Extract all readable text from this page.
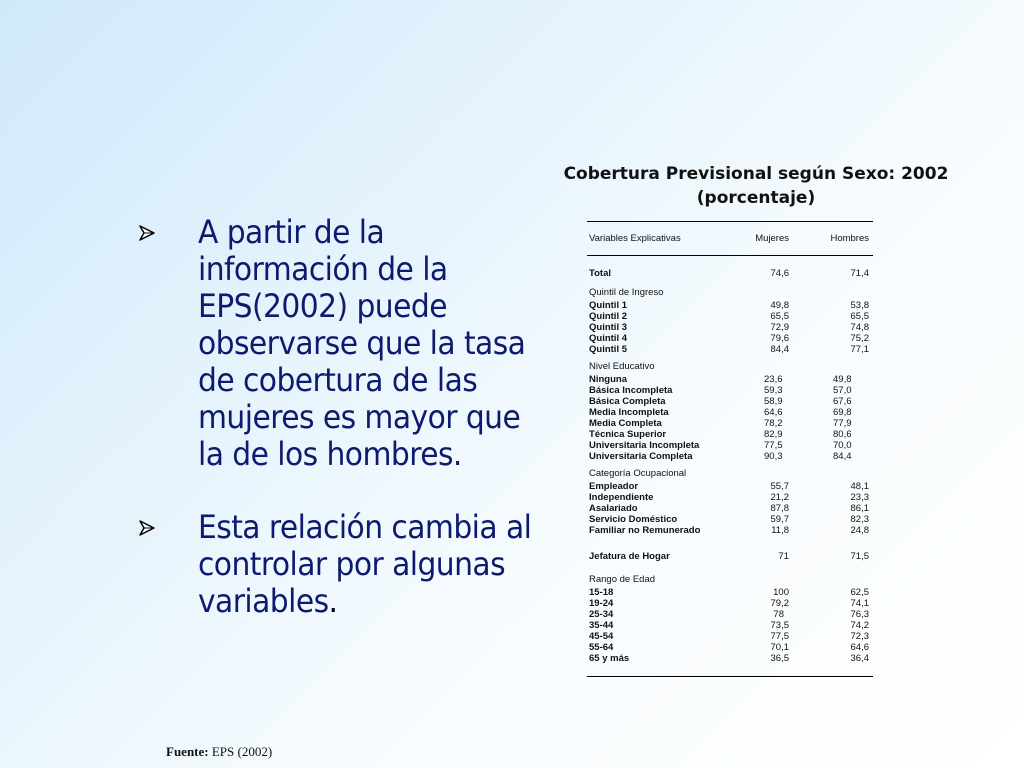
A partir de la información de la EPS(2002) puede observarse que la tasa de cobertura de las mujeres es mayor que la de los hombres.
Esta relación cambia al controlar por algunas variables.
Cobertura Previsional según Sexo: 2002
(porcentaje)
Variables Explicativas	Mujeres	Hombres
Total	74,6	71,4
Quintil de Ingreso
Quintil 1	49,8	53,8
Quintil 2	65,5	65,5
Quintil 3	72,9	74,8
Quintil 4	79,6	75,2
Quintil 5	84,4	77,1
Nivel Educativo
Ninguna	23,6	49,8
Básica Incompleta	59,3	57,0
Básica Completa	58,9	67,6
Media Incompleta	64,6	69,8
Media Completa	78,2	77,9
Técnica Superior	82,9	80,6
Universitaria Incompleta	77,5	70,0
Universitaria Completa	90,3	84,4
Categoría Ocupacional
Empleador	55,7	48,1
Independiente	21,2	23,3
Asalariado	87,8	86,1
Servicio Doméstico	59,7	82,3
Familiar no Remunerado	11,8	24,8
Jefatura de Hogar	71	71,5
Rango de Edad
15-18	100	62,5
19-24	79,2	74,1
25-34	78	76,3
35-44	73,5	74,2
45-54	77,5	72,3
55-64	70,1	64,6
65 y más	36,5	36,4
Fuente: EPS (2002)
